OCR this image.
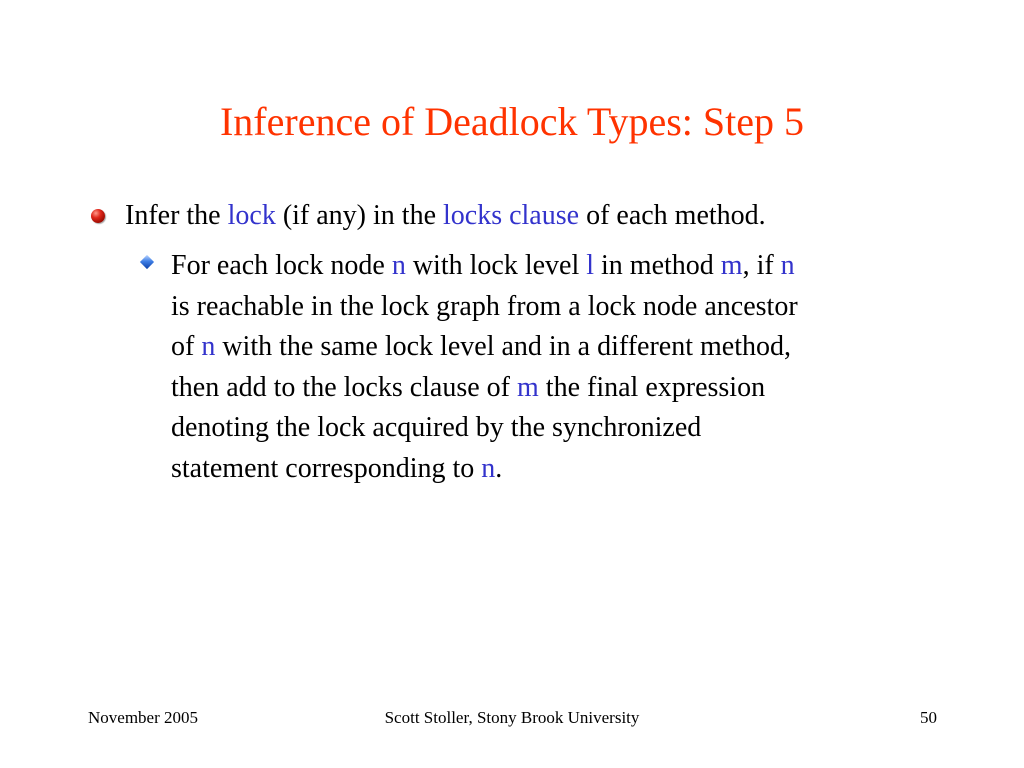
Inference of Deadlock Types: Step 5
Infer the lock (if any) in the locks clause of each method.
For each lock node n with lock level l in method m, if n
is reachable in the lock graph from a lock node ancestor
of n with the same lock level and in a different method,
then add to the locks clause of m the final expression
denoting the lock acquired by the synchronized
statement corresponding to n.
November 2005	Scott Stoller, Stony Brook University	50
